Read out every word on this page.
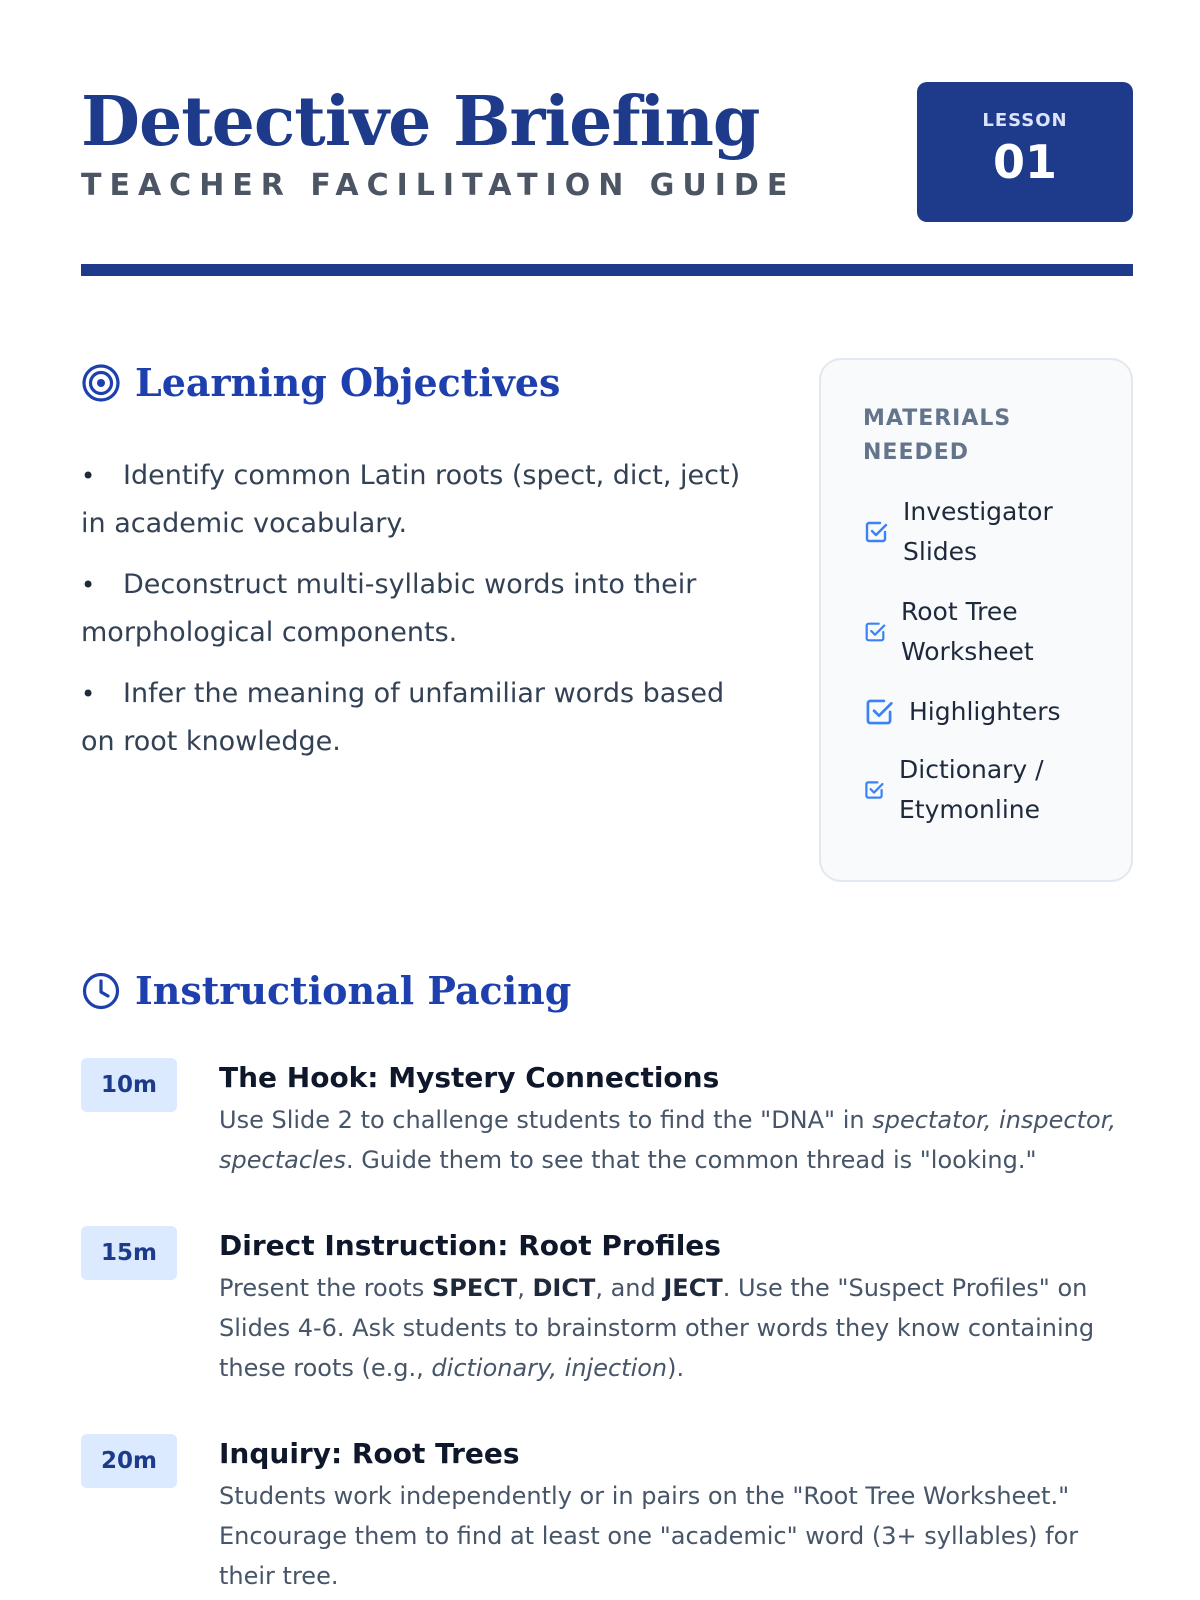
Detective Briefing
TEACHER FACILITATION GUIDE
LESSON
01
Learning Objectives
• Identify common Latin roots (spect, dict, ject) in academic vocabulary.
• Deconstruct multi-syllabic words into their morphological components.
• Infer the meaning of unfamiliar words based on root knowledge.
MATERIALS NEEDED
Investigator Slides
Root Tree Worksheet
Highlighters
Dictionary / Etymonline
Instructional Pacing
10m	The Hook: Mystery Connections
Use Slide 2 to challenge students to find the "DNA" in spectator, inspector, spectacles. Guide them to see that the common thread is "looking."
15m	Direct Instruction: Root Profiles
Present the roots SPECT, DICT, and JECT. Use the "Suspect Profiles" on Slides 4-6. Ask students to brainstorm other words they know containing these roots (e.g., dictionary, injection).
20m	Inquiry: Root Trees
Students work independently or in pairs on the "Root Tree Worksheet." Encourage them to find at least one "academic" word (3+ syllables) for their tree.
